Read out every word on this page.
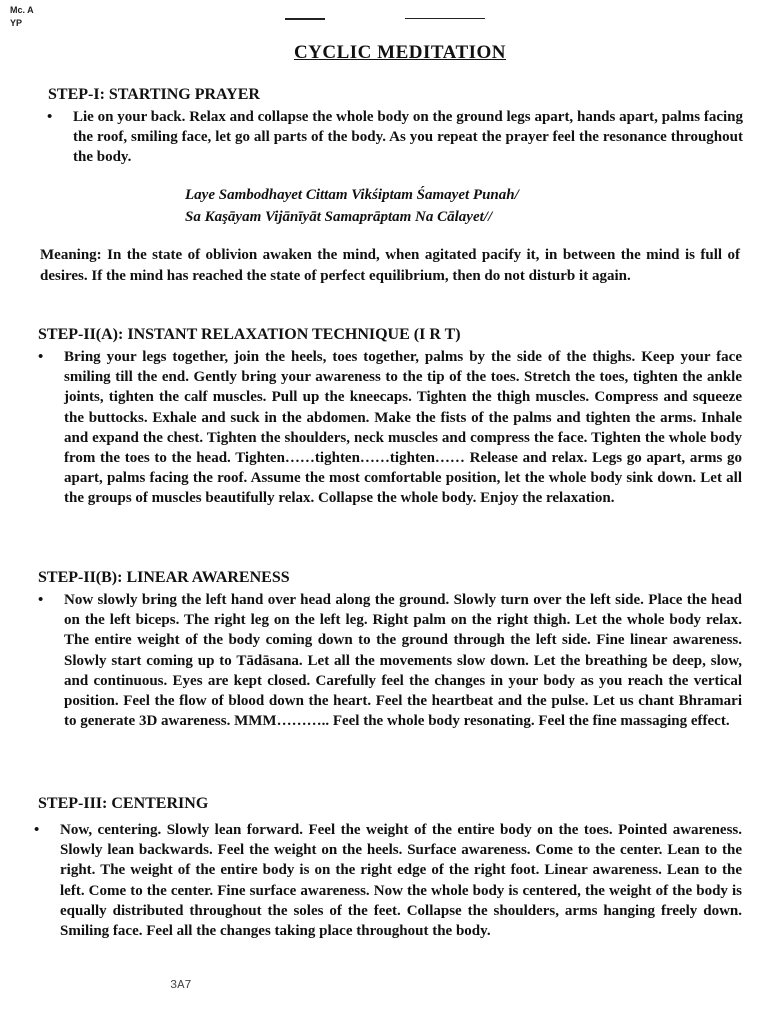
Mc. A
YP
CYCLIC MEDITATION
STEP-I: STARTING PRAYER

• Lie on your back. Relax and collapse the whole body on the ground legs apart, hands apart, palms facing the roof, smiling face, let go all parts of the body. As you repeat the prayer feel the resonance throughout the body.

Laye Sambodhayet Cittam Vikśiptam Śamayet Punah/
Sa Kaşāyam Vijānīyāt Samaprāptam Na Cālayet//

Meaning: In the state of oblivion awaken the mind, when agitated pacify it, in between the mind is full of desires. If the mind has reached the state of perfect equilibrium, then do not disturb it again.

STEP-II(A): INSTANT RELAXATION TECHNIQUE (I R T)

• Bring your legs together, join the heels, toes together, palms by the side of the thighs. Keep your face smiling till the end. Gently bring your awareness to the tip of the toes. Stretch the toes, tighten the ankle joints, tighten the calf muscles. Pull up the kneecaps. Tighten the thigh muscles. Compress and squeeze the buttocks. Exhale and suck in the abdomen. Make the fists of the palms and tighten the arms. Inhale and expand the chest. Tighten the shoulders, neck muscles and compress the face. Tighten the whole body from the toes to the head. Tighten……tighten……tighten…… Release and relax. Legs go apart, arms go apart, palms facing the roof. Assume the most comfortable position, let the whole body sink down. Let all the groups of muscles beautifully relax. Collapse the whole body. Enjoy the relaxation.

STEP-II(B): LINEAR AWARENESS

• Now slowly bring the left hand over head along the ground. Slowly turn over the left side. Place the head on the left biceps. The right leg on the left leg. Right palm on the right thigh. Let the whole body relax. The entire weight of the body coming down to the ground through the left side. Fine linear awareness. Slowly start coming up to Tādāsana. Let all the movements slow down. Let the breathing be deep, slow, and continuous. Eyes are kept closed. Carefully feel the changes in your body as you reach the vertical position. Feel the flow of blood down the heart. Feel the heartbeat and the pulse. Let us chant Bhramari to generate 3D awareness. MMM……….. Feel the whole body resonating. Feel the fine massaging effect.

STEP-III: CENTERING

• Now, centering. Slowly lean forward. Feel the weight of the entire body on the toes. Pointed awareness. Slowly lean backwards. Feel the weight on the heels. Surface awareness. Come to the center. Lean to the right. The weight of the entire body is on the right edge of the right foot. Linear awareness. Lean to the left. Come to the center. Fine surface awareness. Now the whole body is centered, the weight of the body is equally distributed throughout the soles of the feet. Collapse the shoulders, arms hanging freely down. Smiling face. Feel all the changes taking place throughout the body.

3A7
